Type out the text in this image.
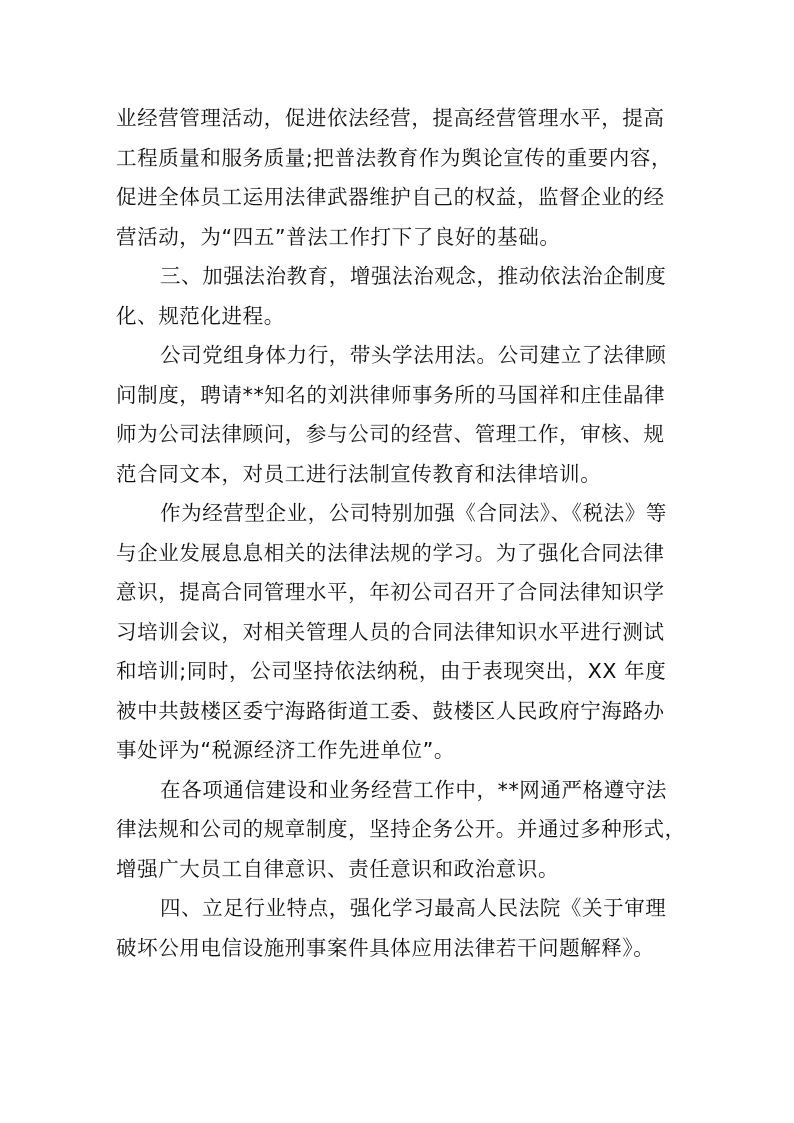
业经营管理活动，促进依法经营，提高经营管理水平，提高
工程质量和服务质量;把普法教育作为舆论宣传的重要内容，
促进全体员工运用法律武器维护自己的权益，监督企业的经
营活动，为“四五”普法工作打下了良好的基础。

三、加强法治教育，增强法治观念，推动依法治企制度
化、规范化进程。

公司党组身体力行，带头学法用法。公司建立了法律顾
问制度，聘请**知名的刘洪律师事务所的马国祥和庄佳晶律
师为公司法律顾问，参与公司的经营、管理工作，审核、规
范合同文本，对员工进行法制宣传教育和法律培训。

作为经营型企业，公司特别加强《合同法》、《税法》等
与企业发展息息相关的法律法规的学习。为了强化合同法律
意识，提高合同管理水平，年初公司召开了合同法律知识学
习培训会议，对相关管理人员的合同法律知识水平进行测试
和培训;同时，公司坚持依法纳税，由于表现突出，XX 年度
被中共鼓楼区委宁海路街道工委、鼓楼区人民政府宁海路办
事处评为“税源经济工作先进单位”。

在各项通信建设和业务经营工作中，**网通严格遵守法
律法规和公司的规章制度，坚持企务公开。并通过多种形式，
增强广大员工自律意识、责任意识和政治意识。

四、立足行业特点，强化学习最高人民法院《关于审理
破坏公用电信设施刑事案件具体应用法律若干问题解释》。
